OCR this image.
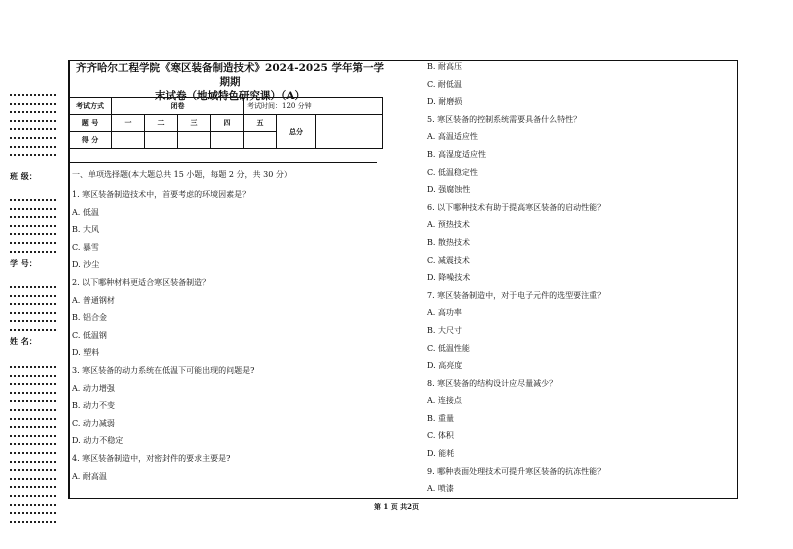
班 级：
学 号：
姓 名：
齐齐哈尔工程学院《寒区装备制造技术》2024-2025 学年第一学期期
末试卷（地域特色研究课）（A）
考试方式	闭卷				考试时间：120 分钟		
题 号	一	二	三	四	五	总分	
得 分							
一、单项选择题(本大题总共 15 小题，每题 2 分，共 30 分）
1. 寒区装备制造技术中，首要考虑的环境因素是？
A. 低温
B. 大风
C. 暴雪
D. 沙尘
2. 以下哪种材料更适合寒区装备制造？
A. 普通钢材
B. 铝合金
C. 低温钢
D. 塑料
3. 寒区装备的动力系统在低温下可能出现的问题是?
A. 动力增强
B. 动力不变
C. 动力减弱
D. 动力不稳定
4. 寒区装备制造中，对密封件的要求主要是?
A. 耐高温
B. 耐高压
C. 耐低温
D. 耐磨损
5. 寒区装备的控制系统需要具备什么特性？
A. 高温适应性
B. 高湿度适应性
C. 低温稳定性
D. 强腐蚀性
6. 以下哪种技术有助于提高寒区装备的启动性能？
A. 预热技术
B. 散热技术
C. 减震技术
D. 降噪技术
7. 寒区装备制造中，对于电子元件的选型要注重？
A. 高功率
B. 大尺寸
C. 低温性能
D. 高亮度
8. 寒区装备的结构设计应尽量减少？
A. 连接点
B. 重量
C. 体积
D. 能耗
9. 哪种表面处理技术可提升寒区装备的抗冻性能？
A. 喷漆
第 1 页 共2页
